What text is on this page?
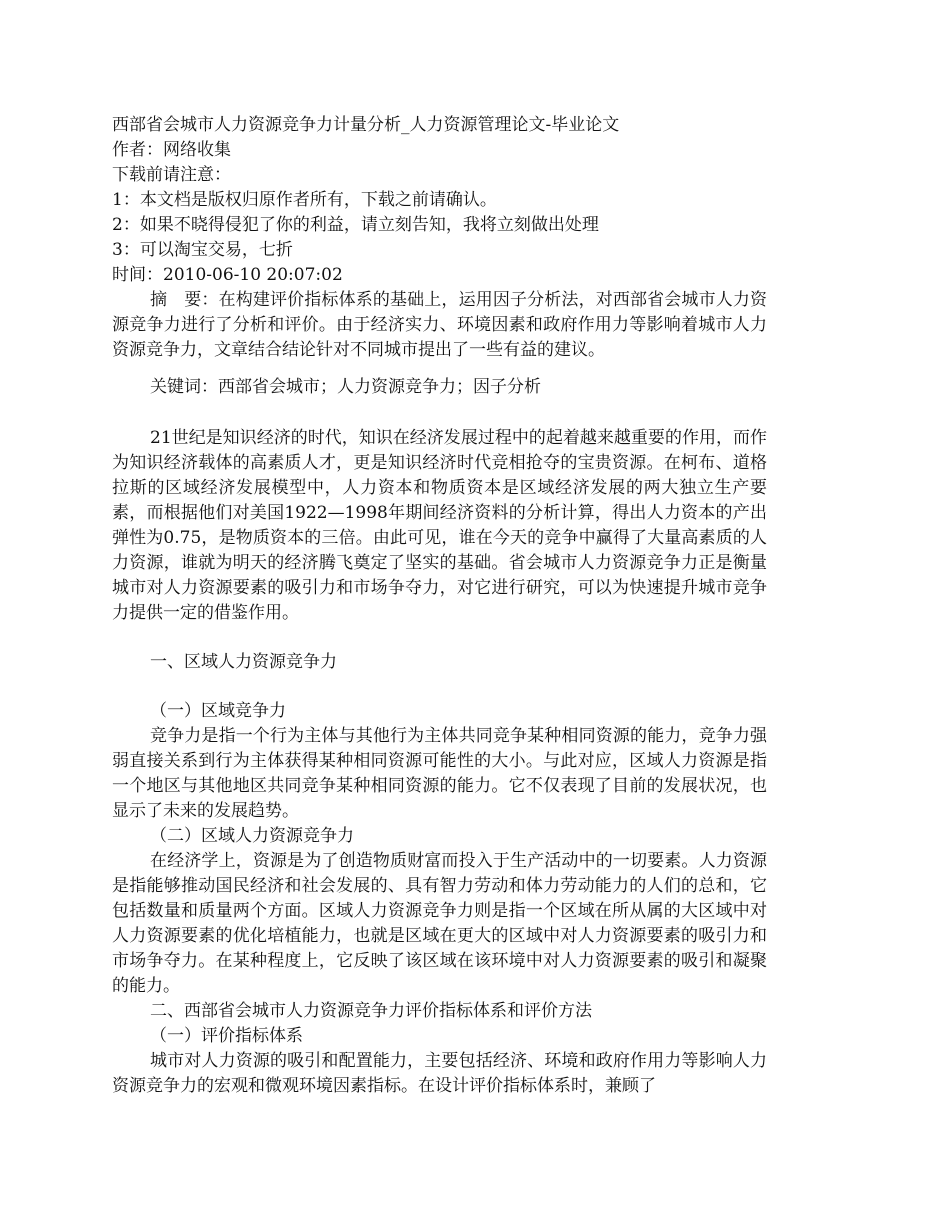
西部省会城市人力资源竞争力计量分析_人力资源管理论文-毕业论文
作者：网络收集
下载前请注意：
1：本文档是版权归原作者所有，下载之前请确认。
2：如果不晓得侵犯了你的利益，请立刻告知，我将立刻做出处理
3：可以淘宝交易，七折
时间：2010-06-10 20:07:02

摘　要：在构建评价指标体系的基础上，运用因子分析法，对西部省会城市人力资源竞争力进行了分析和评价。由于经济实力、环境因素和政府作用力等影响着城市人力资源竞争力，文章结合结论针对不同城市提出了一些有益的建议。

关键词：西部省会城市；人力资源竞争力；因子分析

21世纪是知识经济的时代，知识在经济发展过程中的起着越来越重要的作用，而作为知识经济载体的高素质人才，更是知识经济时代竞相抢夺的宝贵资源。在柯布、道格拉斯的区域经济发展模型中，人力资本和物质资本是区域经济发展的两大独立生产要素，而根据他们对美国1922—1998年期间经济资料的分析计算，得出人力资本的产出弹性为0.75，是物质资本的三倍。由此可见，谁在今天的竞争中赢得了大量高素质的人力资源，谁就为明天的经济腾飞奠定了坚实的基础。省会城市人力资源竞争力正是衡量城市对人力资源要素的吸引力和市场争夺力，对它进行研究，可以为快速提升城市竞争力提供一定的借鉴作用。

一、区域人力资源竞争力
（一）区域竞争力

竞争力是指一个行为主体与其他行为主体共同竞争某种相同资源的能力，竞争力强弱直接关系到行为主体获得某种相同资源可能性的大小。与此对应，区域人力资源是指一个地区与其他地区共同竞争某种相同资源的能力。它不仅表现了目前的发展状况，也显示了未来的发展趋势。

（二）区域人力资源竞争力

在经济学上，资源是为了创造物质财富而投入于生产活动中的一切要素。人力资源是指能够推动国民经济和社会发展的、具有智力劳动和体力劳动能力的人们的总和，它包括数量和质量两个方面。区域人力资源竞争力则是指一个区域在所从属的大区域中对人力资源要素的优化培植能力，也就是区域在更大的区域中对人力资源要素的吸引力和市场争夺力。在某种程度上，它反映了该区域在该环境中对人力资源要素的吸引和凝聚的能力。

二、西部省会城市人力资源竞争力评价指标体系和评价方法
（一）评价指标体系

城市对人力资源的吸引和配置能力，主要包括经济、环境和政府作用力等影响人力资源竞争力的宏观和微观环境因素指标。在设计评价指标体系时，兼顾了
